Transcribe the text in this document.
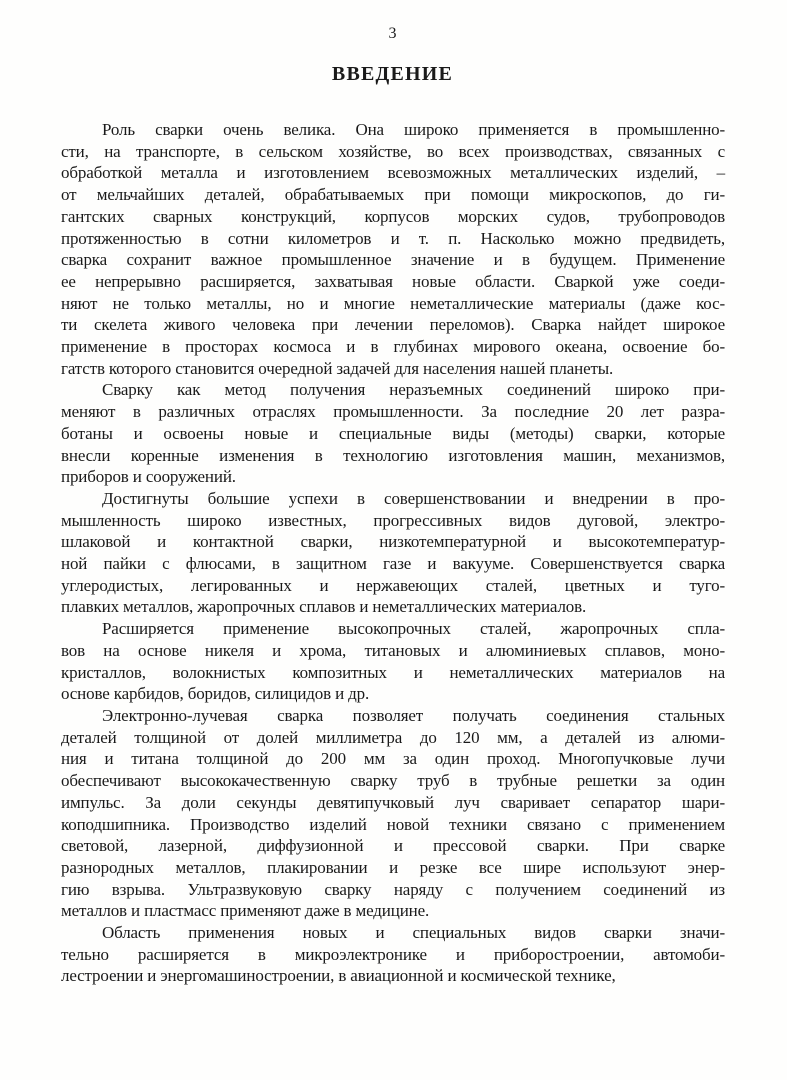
3
ВВЕДЕНИЕ
Роль сварки очень велика. Она широко применяется в промышленно-
сти, на транспорте, в сельском хозяйстве, во всех производствах, связанных с
обработкой металла и изготовлением всевозможных металлических изделий, –
от мельчайших деталей, обрабатываемых при помощи микроскопов, до ги-
гантских сварных конструкций, корпусов морских судов, трубопроводов
протяженностью в сотни километров и т. п. Насколько можно предвидеть,
сварка сохранит важное промышленное значение и в будущем. Применение
ее непрерывно расширяется, захватывая новые области. Сваркой уже соеди-
няют не только металлы, но и многие неметаллические материалы (даже кос-
ти скелета живого человека при лечении переломов). Сварка найдет широкое
применение в просторах космоса и в глубинах мирового океана, освоение бо-
гатств которого становится очередной задачей для населения нашей планеты.
Сварку как метод получения неразъемных соединений широко при-
меняют в различных отраслях промышленности. За последние 20 лет разра-
ботаны и освоены новые и специальные виды (методы) сварки, которые
внесли коренные изменения в технологию изготовления машин, механизмов,
приборов и сооружений.
Достигнуты большие успехи в совершенствовании и внедрении в про-
мышленность широко известных, прогрессивных видов дуговой, электро-
шлаковой и контактной сварки, низкотемпературной и высокотемператур-
ной пайки с флюсами, в защитном газе и вакууме. Совершенствуется сварка
углеродистых, легированных и нержавеющих сталей, цветных и туго-
плавких металлов, жаропрочных сплавов и неметаллических материалов.
Расширяется применение высокопрочных сталей, жаропрочных спла-
вов на основе никеля и хрома, титановых и алюминиевых сплавов, моно-
кристаллов, волокнистых композитных и неметаллических материалов на
основе карбидов, боридов, силицидов и др.
Электронно-лучевая сварка позволяет получать соединения стальных
деталей толщиной от долей миллиметра до 120 мм, а деталей из алюми-
ния и титана толщиной до 200 мм за один проход. Многопучковые лучи
обеспечивают высококачественную сварку труб в трубные решетки за один
импульс. За доли секунды девятипучковый луч сваривает сепаратор шари-
коподшипника. Производство изделий новой техники связано с применением
световой, лазерной, диффузионной и прессовой сварки. При сварке
разнородных металлов, плакировании и резке все шире используют энер-
гию взрыва. Ультразвуковую сварку наряду с получением соединений из
металлов и пластмасс применяют даже в медицине.
Область применения новых и специальных видов сварки значи-
тельно расширяется в микроэлектронике и приборостроении, автомоби-
лестроении и энергомашиностроении, в авиационной и космической технике,
